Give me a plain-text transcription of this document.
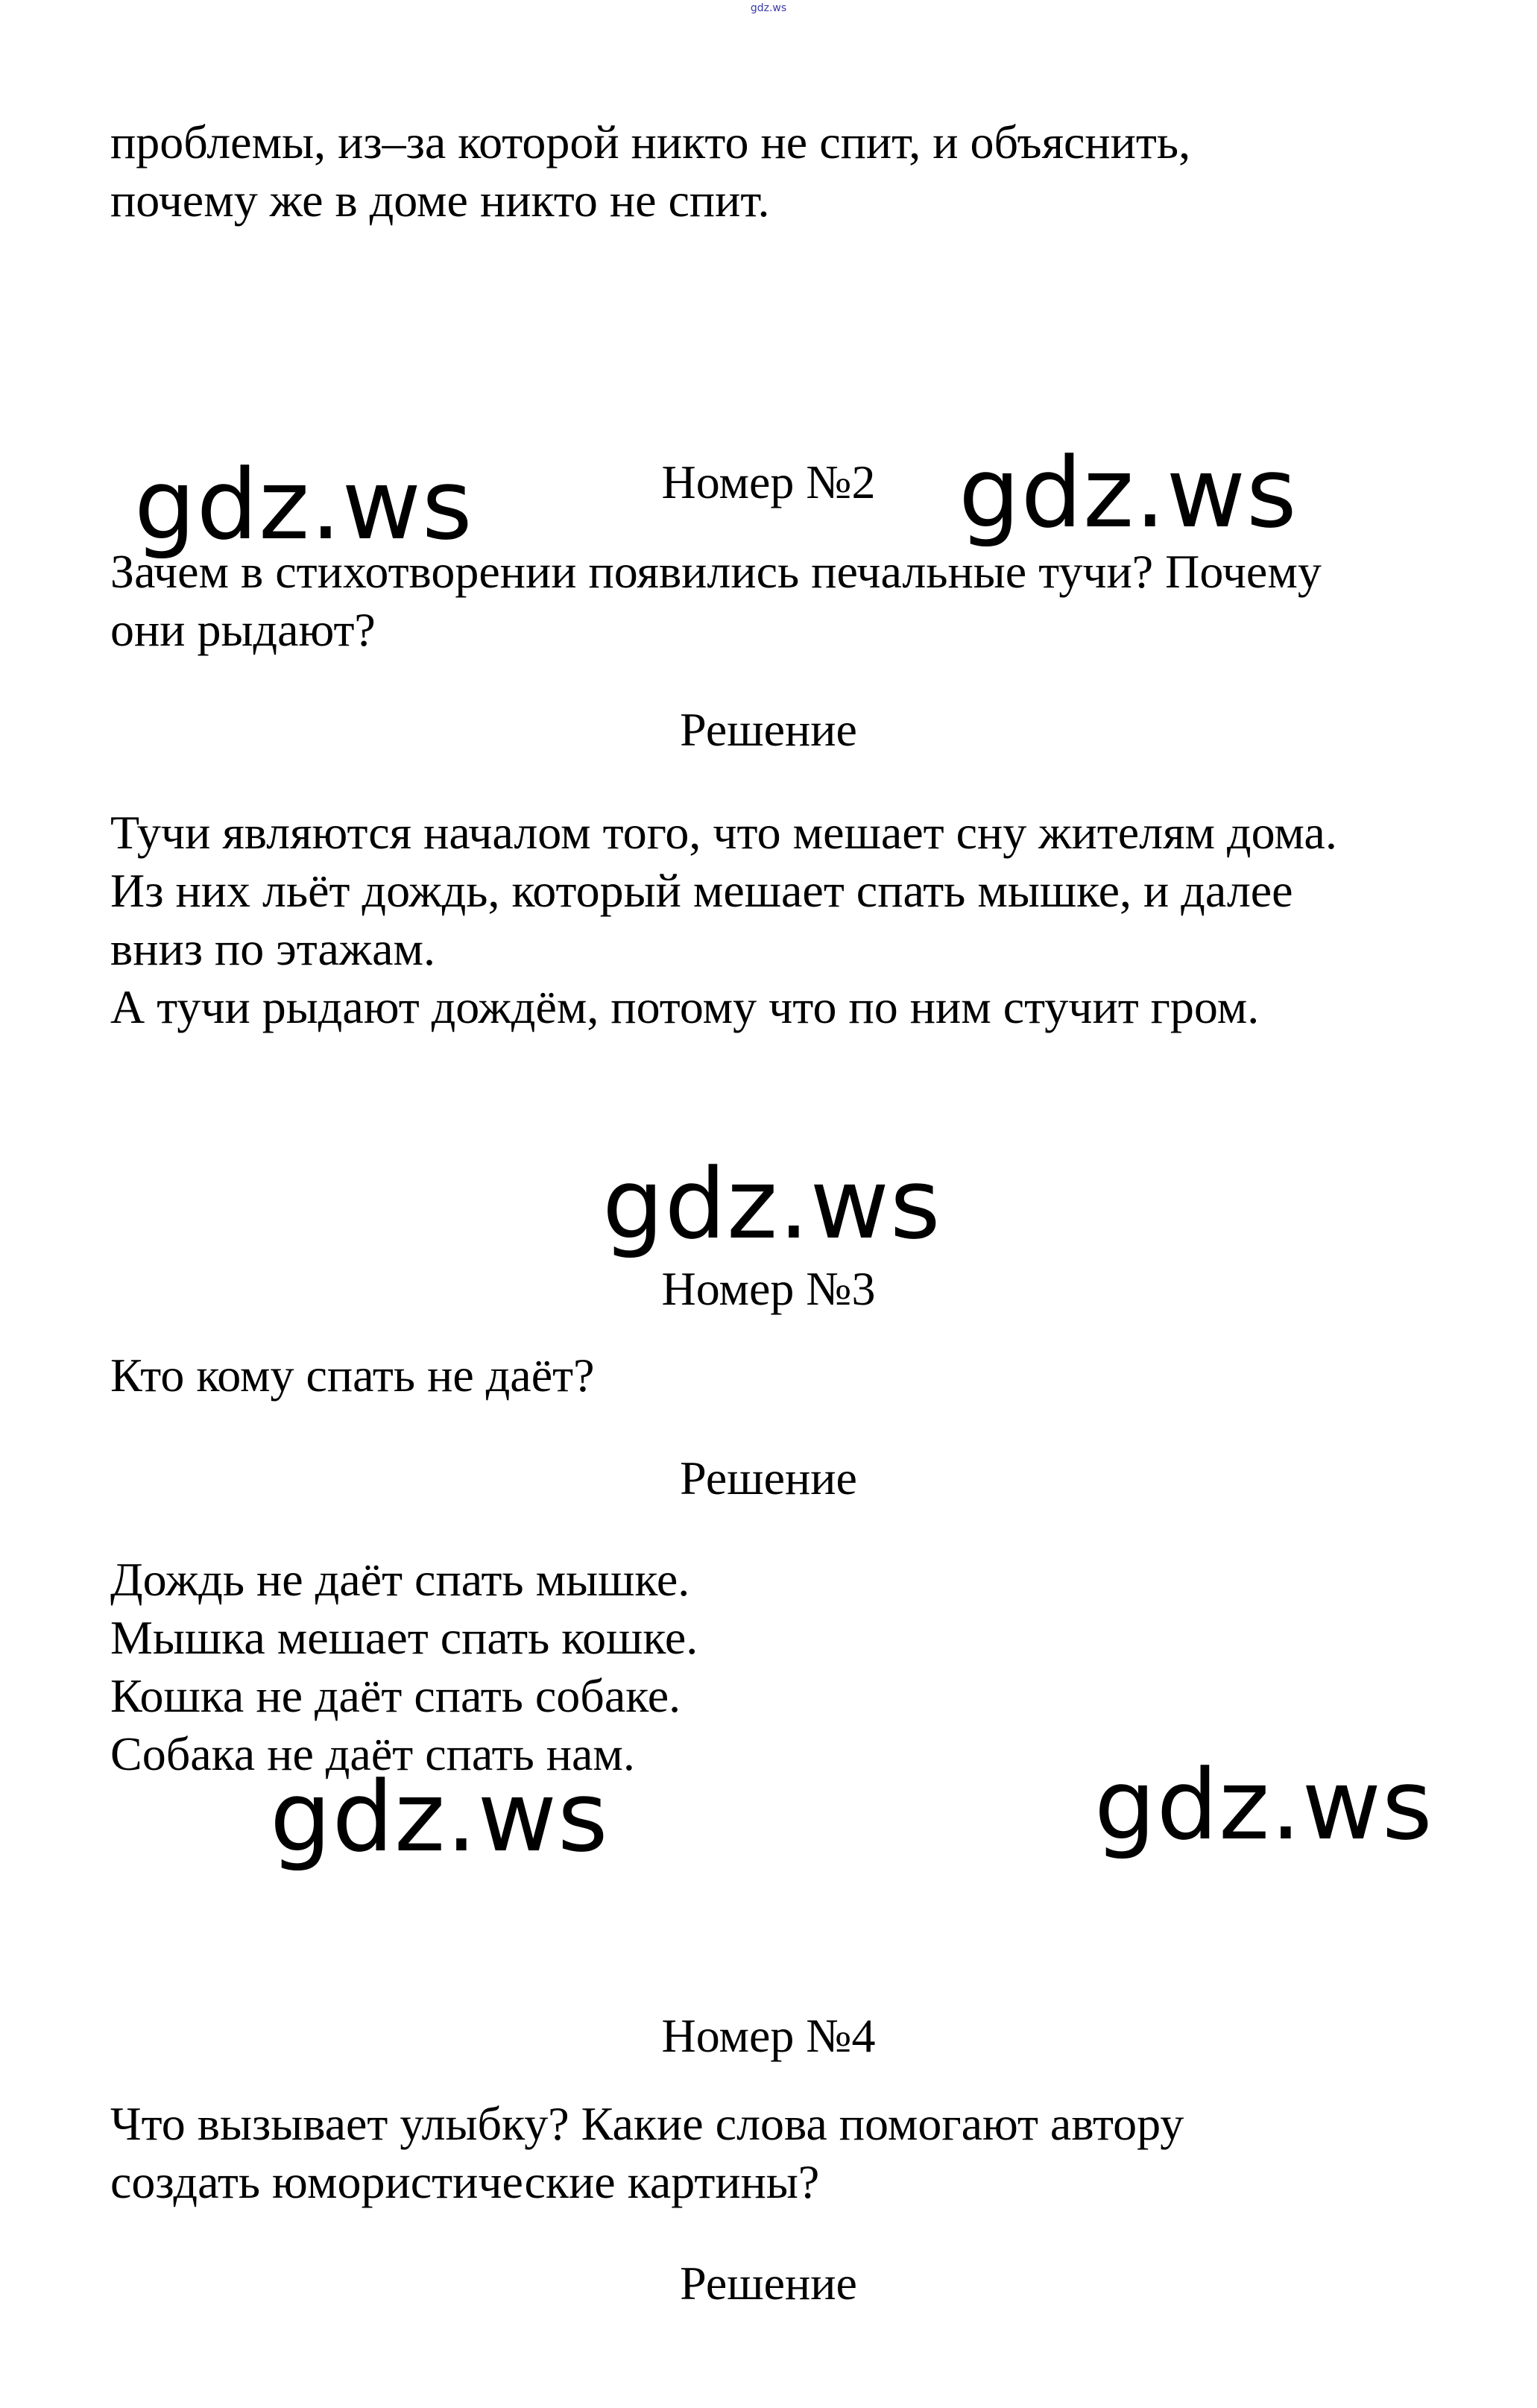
gdz.ws
проблемы, из–за которой никто не спит, и объяснить,
почему же в доме никто не спит.
gdz.ws	gdz.ws
Номер №2
Зачем в стихотворении появились печальные тучи? Почему
они рыдают?
Решение
Тучи являются началом того, что мешает сну жителям дома.
Из них льёт дождь, который мешает спать мышке, и далее
вниз по этажам.
А тучи рыдают дождём, потому что по ним стучит гром.
gdz.ws
Номер №3
Кто кому спать не даёт?
Решение
Дождь не даёт спать мышке.
Мышка мешает спать кошке.
Кошка не даёт спать собаке.
Собака не даёт спать нам.
gdz.ws	gdz.ws
Номер №4
Что вызывает улыбку? Какие слова помогают автору
создать юмористические картины?
Решение
